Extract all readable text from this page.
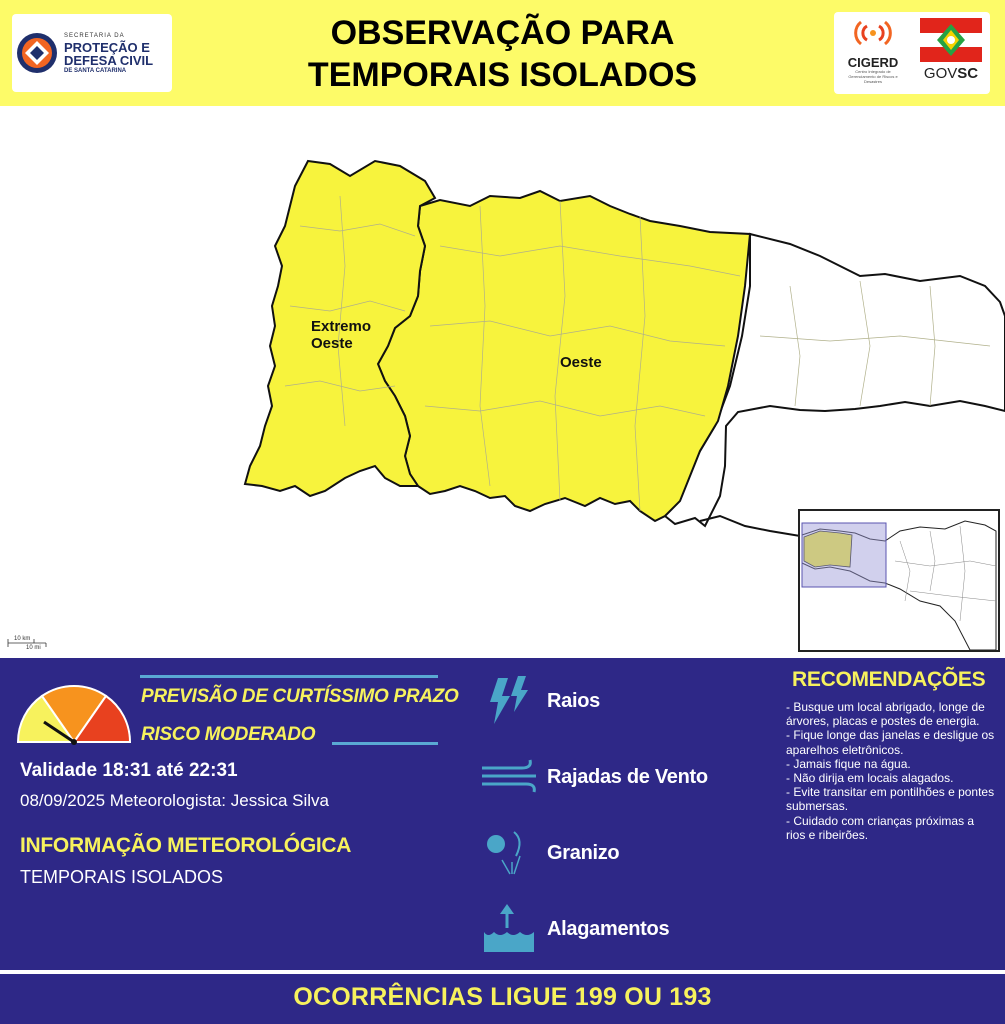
SECRETARIA DA
PROTEÇÃO E
DEFESA CIVIL
DE SANTA CATARINA
OBSERVAÇÃO PARA
TEMPORAIS ISOLADOS	CIGERD
Centro Integrado de Gerenciamento de Riscos e Desastres	GOVSC
Extremo
Oeste
Oeste
10 km
10 mi
PREVISÃO DE CURTÍSSIMO PRAZO
RISCO MODERADO
Validade 18:31 até 22:31
08/09/2025 Meteorologista: Jessica Silva
INFORMAÇÃO METEOROLÓGICA
TEMPORAIS ISOLADOS
Raios
Rajadas de Vento
Granizo
Alagamentos
RECOMENDAÇÕES
- Busque um local abrigado, longe de árvores, placas e postes de energia.
- Fique longe das janelas e desligue os aparelhos eletrônicos.
- Jamais fique na água.
- Não dirija em locais alagados.
- Evite transitar em pontilhões e pontes submersas.
- Cuidado com crianças próximas a rios e ribeirões.
OCORRÊNCIAS LIGUE 199 OU 193
